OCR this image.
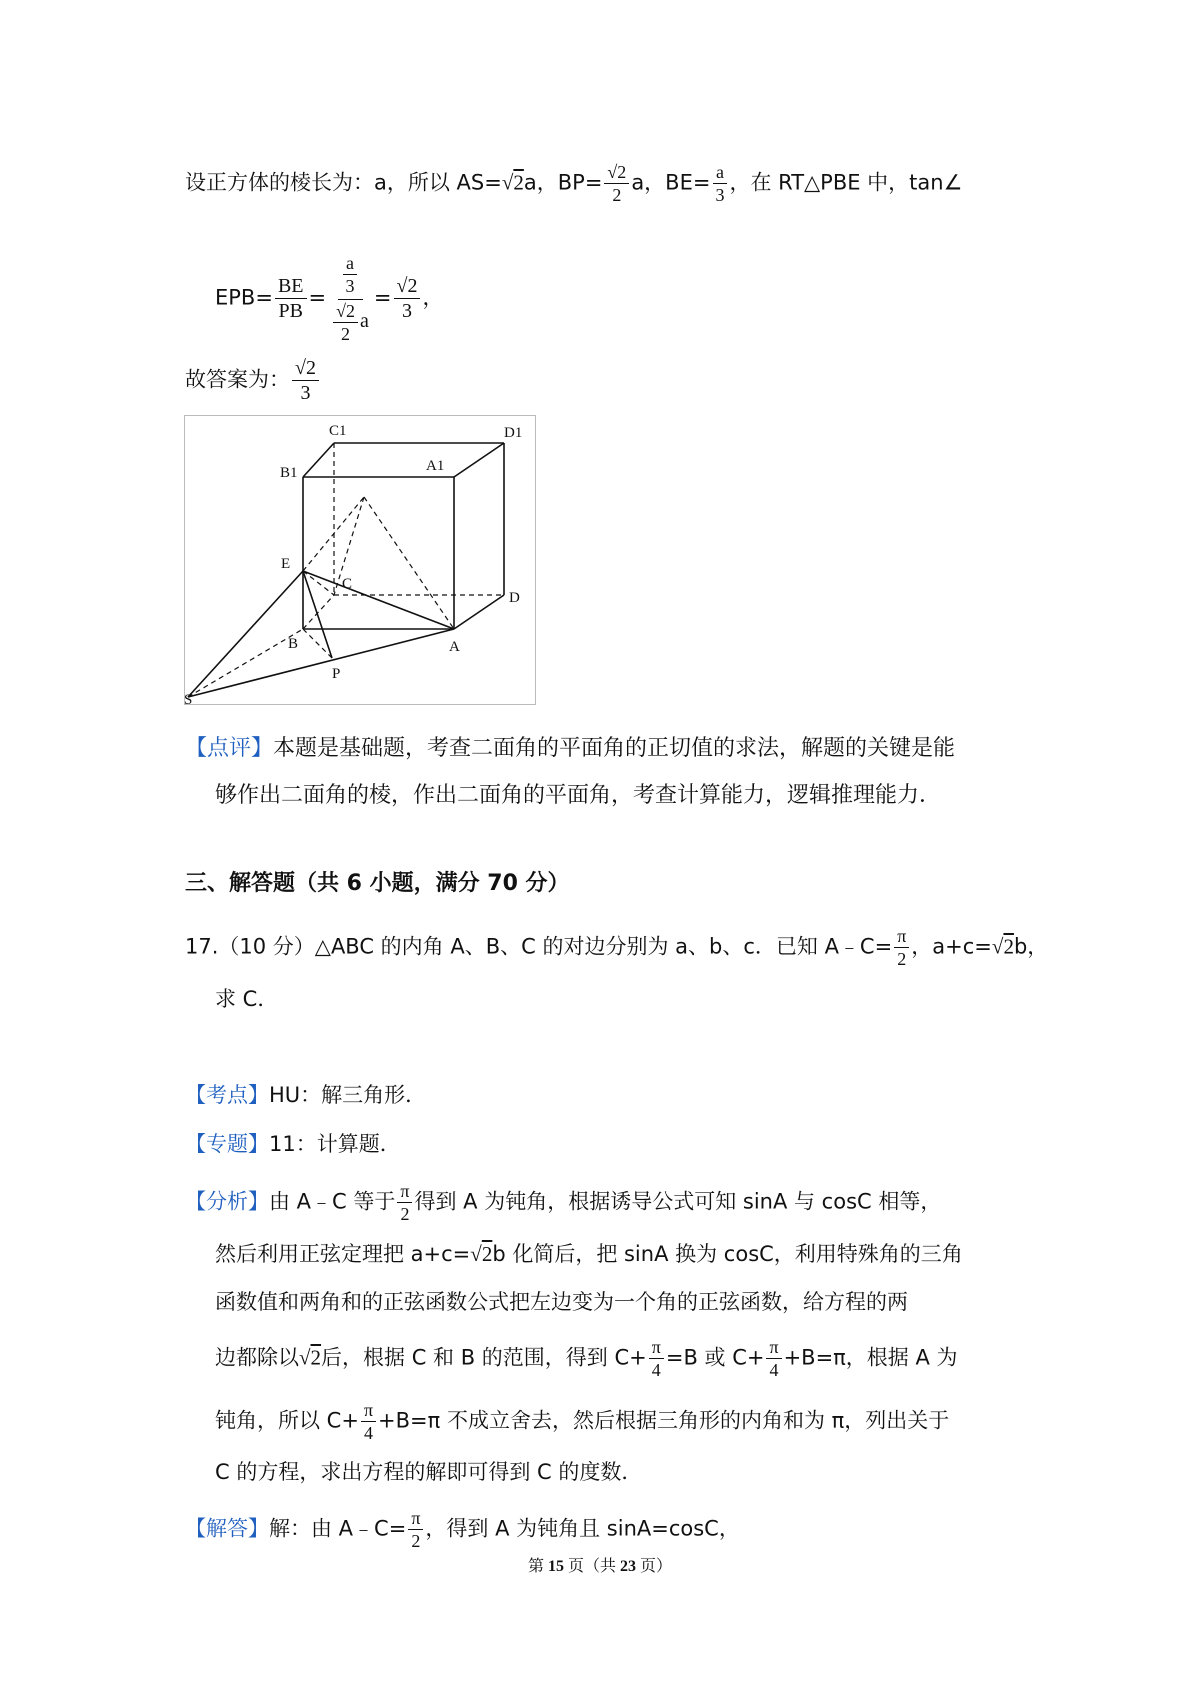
设正方体的棱长为：a，所以 AS=√2a，$BP= \frac{√2}{2}$ a，$BE= \frac{a}{3}$ ，在 RT△PBE 中，tan∠
$EPB= \frac{BE}{PB} = \frac{\frac{a}{3}}{\frac{√2}{2} a} = \frac{√2}{3}$ ，
故答案为： $\frac{√2}{3}$
C1	D1
B1	A1
E
C
D
B	A
P
S
【点评】本题是基础题，考查二面角的平面角的正切值的求法，解题的关键是能
够作出二面角的棱，作出二面角的平面角，考查计算能力，逻辑推理能力．
三、解答题（共 6 小题，满分 70 分）
17.（10 分）△ABC 的内角 A、B、C 的对边分别为 a、b、c．已知 A﹣C= $\frac{\pi}{2}$ ，a+c=√2b，
求 C．
【考点】HU：解三角形．
【专题】11：计算题．
【分析】由 A﹣C 等于 $\frac{\pi}{2}$ 得到 A 为钝角，根据诱导公式可知 sinA 与 cosC 相等，
然后利用正弦定理把 a+c=√2b 化简后，把 sinA 换为 cosC，利用特殊角的三角
函数值和两角和的正弦函数公式把左边变为一个角的正弦函数，给方程的两
边都除以√2后，根据 C 和 B 的范围，得到 $C+ \frac{\pi}{4} =B$ 或 $C+ \frac{\pi}{4} +B=\pi$，根据 A 为
钝角，所以 $C+ \frac{\pi}{4} +B=\pi$ 不成立舍去，然后根据三角形的内角和为 π，列出关于
C 的方程，求出方程的解即可得到 C 的度数．
【解答】解：由 A﹣C= $\frac{\pi}{2}$ ，得到 A 为钝角且 sinA=cosC，
第 15 页（共 23 页）
